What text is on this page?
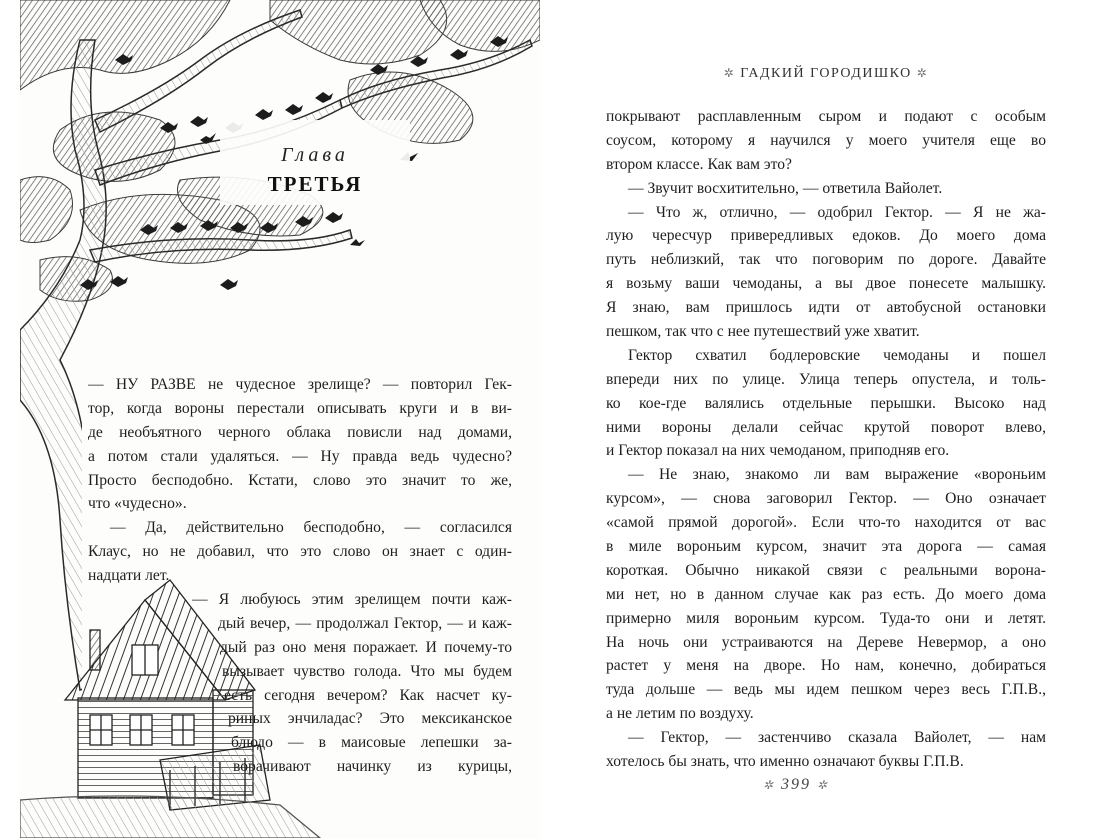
Глава
ТРЕТЬЯ
— НУ РАЗВЕ не чудесное зрелище? — повторил Гек-
тор, когда вороны перестали описывать круги и в ви-
де необъятного черного облака повисли над домами,
а потом стали удаляться. — Ну правда ведь чудесно?
Просто бесподобно. Кстати, слово это значит то же,
что «чудесно».
— Да, действительно бесподобно, — согласился
Клаус, но не добавил, что это слово он знает с один-
надцати лет.
— Я любуюсь этим зрелищем почти каж-
дый вечер, — продолжал Гектор, — и каж-
дый раз оно меня поражает. И почему-то
вызывает чувство голода. Что мы будем
есть сегодня вечером? Как насчет ку-
риных энчиладас? Это мексиканское
блюдо — в маисовые лепешки за-
ворачивают начинку из курицы,
✲ ГАДКИЙ ГОРОДИШКО ✲
покрывают расплавленным сыром и подают с особым
соусом, которому я научился у моего учителя еще во
втором классе. Как вам это?
— Звучит восхитительно, — ответила Вайолет.
— Что ж, отлично, — одобрил Гектор. — Я не жа-
лую чересчур привередливых едоков. До моего дома
путь неблизкий, так что поговорим по дороге. Давайте
я возьму ваши чемоданы, а вы двое понесете малышку.
Я знаю, вам пришлось идти от автобусной остановки
пешком, так что с нее путешествий уже хватит.
Гектор схватил бодлеровские чемоданы и пошел
впереди них по улице. Улица теперь опустела, и толь-
ко кое-где валялись отдельные перышки. Высоко над
ними вороны делали сейчас крутой поворот влево,
и Гектор показал на них чемоданом, приподняв его.
— Не знаю, знакомо ли вам выражение «вороньим
курсом», — снова заговорил Гектор. — Оно означает
«самой прямой дорогой». Если что-то находится от вас
в миле вороньим курсом, значит эта дорога — самая
короткая. Обычно никакой связи с реальными ворона-
ми нет, но в данном случае как раз есть. До моего дома
примерно миля вороньим курсом. Туда-то они и летят.
На ночь они устраиваются на Дереве Невермор, а оно
растет у меня на дворе. Но нам, конечно, добираться
туда дольше — ведь мы идем пешком через весь Г.П.В.,
а не летим по воздуху.
— Гектор, — застенчиво сказала Вайолет, — нам
хотелось бы знать, что именно означают буквы Г.П.В.
✲ 399 ✲
